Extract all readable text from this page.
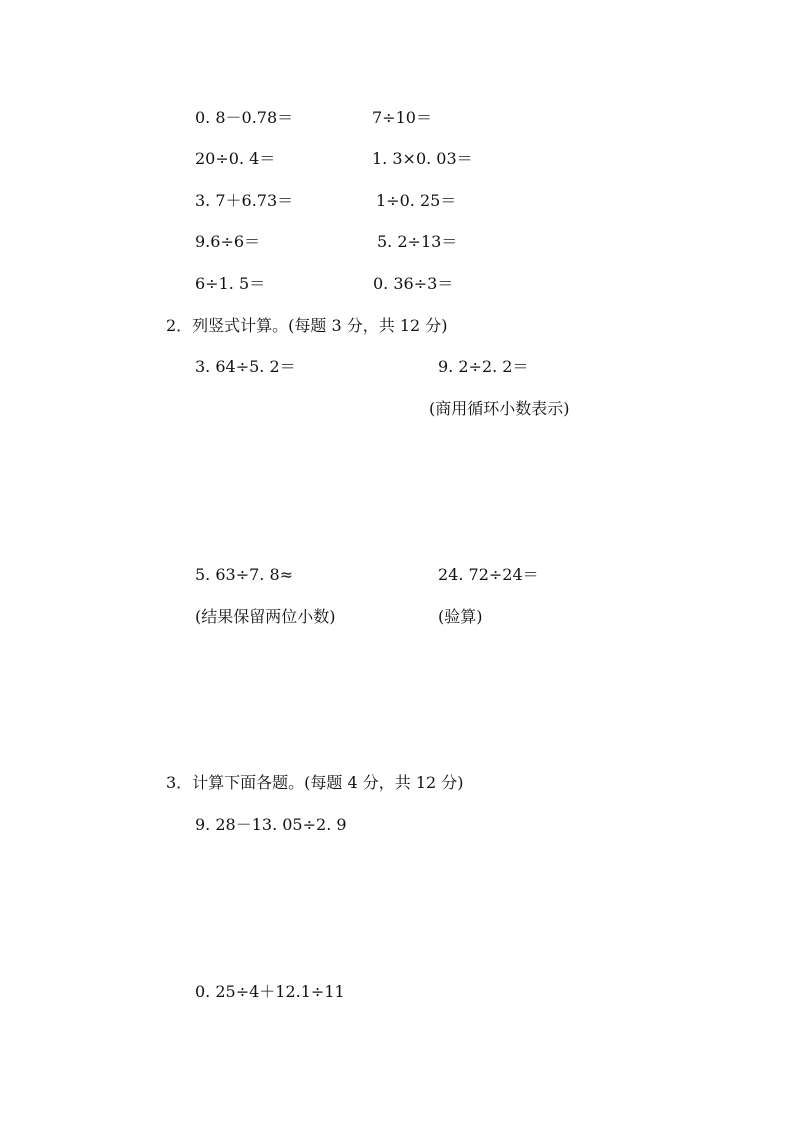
0. 8－0.78＝	7÷10＝
20÷0. 4＝	1. 3×0. 03＝
3. 7＋6.73＝	1÷0. 25＝
9.6÷6＝	5. 2÷13＝
6÷1. 5＝	0. 36÷3＝
2．列竖式计算。(每题 3 分，共 12 分)
3. 64÷5. 2＝	9. 2÷2. 2＝
(商用循环小数表示)
5. 63÷7. 8≈	24. 72÷24＝
(结果保留两位小数)	(验算)
3．计算下面各题。(每题 4 分，共 12 分)
9. 28－13. 05÷2. 9
0. 25÷4＋12.1÷11
